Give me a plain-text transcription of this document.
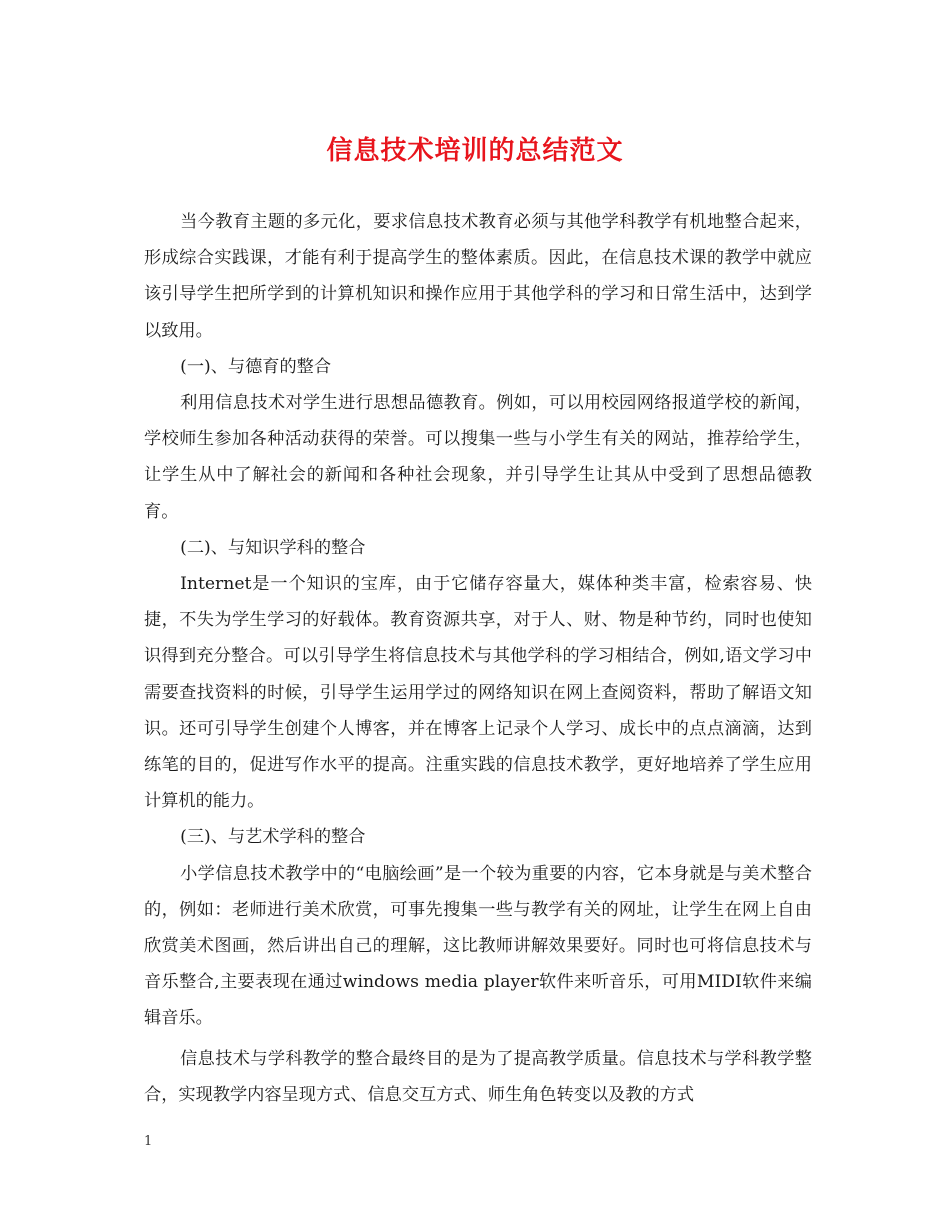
信息技术培训的总结范文

当今教育主题的多元化，要求信息技术教育必须与其他学科教学有机地整合起来，形成综合实践课，才能有利于提高学生的整体素质。因此，在信息技术课的教学中就应该引导学生把所学到的计算机知识和操作应用于其他学科的学习和日常生活中，达到学以致用。

(一)、与德育的整合

利用信息技术对学生进行思想品德教育。例如，可以用校园网络报道学校的新闻，学校师生参加各种活动获得的荣誉。可以搜集一些与小学生有关的网站，推荐给学生，让学生从中了解社会的新闻和各种社会现象，并引导学生让其从中受到了思想品德教育。

(二)、与知识学科的整合

Internet是一个知识的宝库，由于它储存容量大，媒体种类丰富，检索容易、快捷，不失为学生学习的好载体。教育资源共享，对于人、财、物是种节约，同时也使知识得到充分整合。可以引导学生将信息技术与其他学科的学习相结合，例如,语文学习中需要查找资料的时候，引导学生运用学过的网络知识在网上查阅资料，帮助了解语文知识。还可引导学生创建个人博客，并在博客上记录个人学习、成长中的点点滴滴，达到练笔的目的，促进写作水平的提高。注重实践的信息技术教学，更好地培养了学生应用计算机的能力。

(三)、与艺术学科的整合

小学信息技术教学中的“电脑绘画”是一个较为重要的内容，它本身就是与美术整合的，例如：老师进行美术欣赏，可事先搜集一些与教学有关的网址，让学生在网上自由欣赏美术图画，然后讲出自己的理解，这比教师讲解效果要好。同时也可将信息技术与音乐整合,主要表现在通过windows media player软件来听音乐，可用MIDI软件来编辑音乐。

信息技术与学科教学的整合最终目的是为了提高教学质量。信息技术与学科教学整合，实现教学内容呈现方式、信息交互方式、师生角色转变以及教的方式

1
